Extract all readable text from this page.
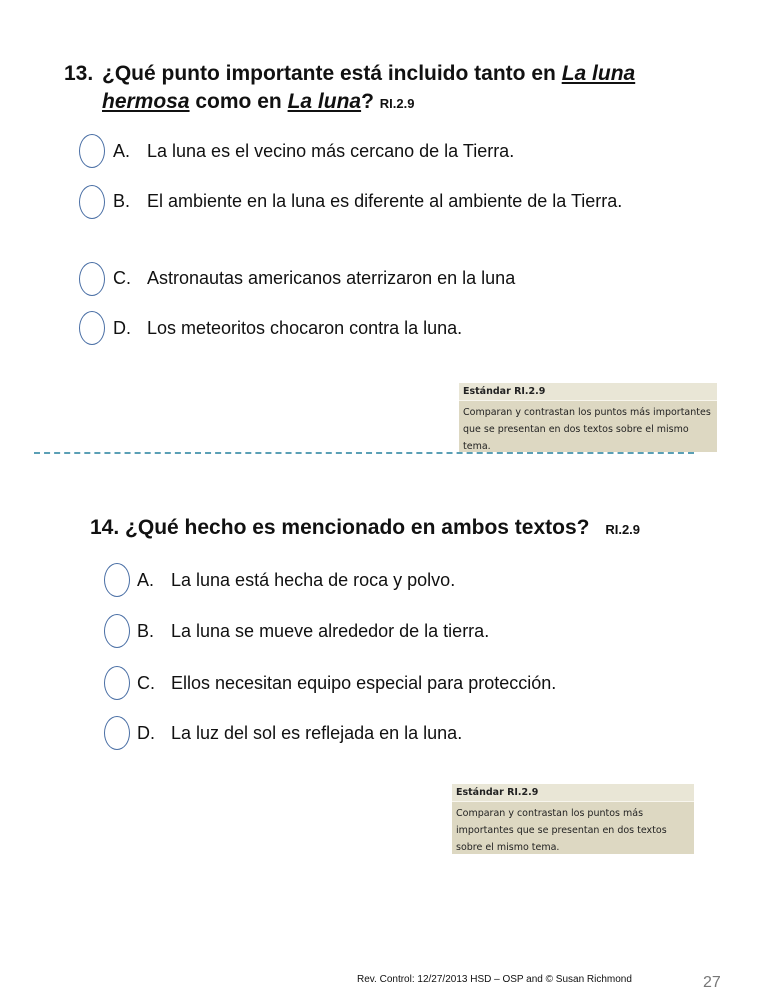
13. ¿Qué punto importante está incluido tanto en La luna hermosa como en La luna? RI.2.9
A. La luna es el vecino más cercano de la Tierra.
B. El ambiente en la luna es diferente al ambiente de la Tierra.
C. Astronautas americanos aterrizaron en la luna
D. Los meteoritos chocaron contra la luna.
Estándar RI.2.9
Comparan y contrastan los puntos más importantes que se presentan en dos textos sobre el mismo tema.
14. ¿Qué hecho es mencionado en ambos textos? RI.2.9
A. La luna está hecha de roca y polvo.
B. La luna se mueve alrededor de la tierra.
C. Ellos necesitan equipo especial para protección.
D. La luz del sol es reflejada en la luna.
Estándar RI.2.9
Comparan y contrastan los puntos más importantes que se presentan en dos textos sobre el mismo tema.
Rev. Control: 12/27/2013 HSD – OSP and © Susan Richmond	27
